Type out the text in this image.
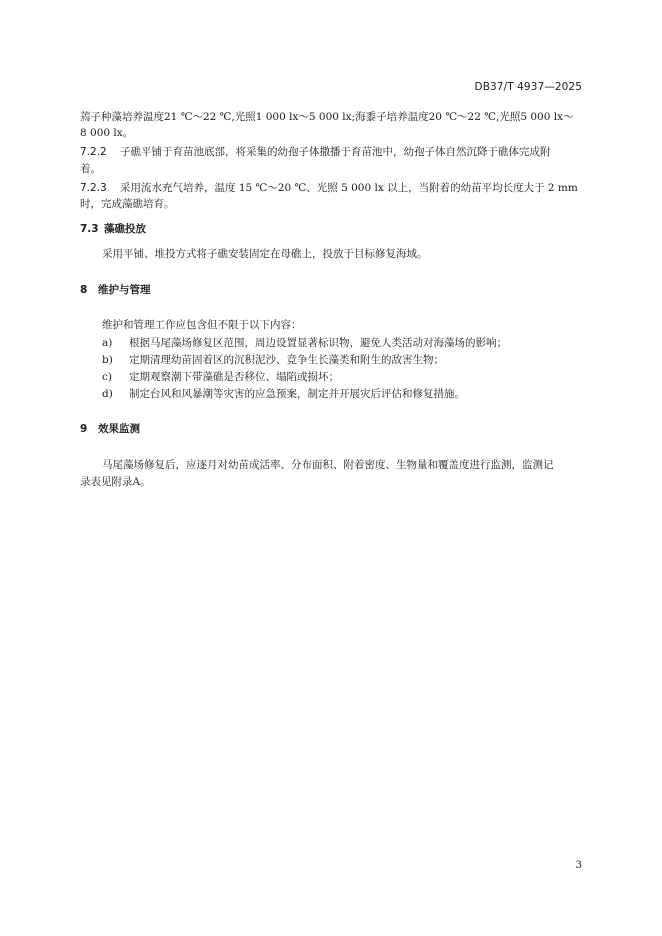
DB37/T 4937—2025
蔫子种藻培养温度21 ℃～22 ℃,光照1 000 lx～5 000 lx;海黍子培养温度20 ℃～22 ℃,光照5 000 lx～
8 000 lx。
7.2.2 子礁平铺于育苗池底部，将采集的幼孢子体撒播于育苗池中，幼孢子体自然沉降于礁体完成附
着。
7.2.3 采用流水充气培养，温度 15 ℃～20 ℃、光照 5 000 lx 以上，当附着的幼苗平均长度大于 2 mm
时，完成藻礁培育。
7.3 藻礁投放
采用平铺、堆投方式将子礁安装固定在母礁上，投放于目标修复海域。
8 维护与管理
维护和管理工作应包含但不限于以下内容：
a) 根据马尾藻场修复区范围，周边设置显著标识物，避免人类活动对海藻场的影响；
b) 定期清理幼苗固着区的沉积泥沙、竞争生长藻类和附生的敌害生物；
c) 定期观察潮下带藻礁是否移位、塌陷或损坏；
d) 制定台风和风暴潮等灾害的应急预案，制定并开展灾后评估和修复措施。
9 效果监测
马尾藻场修复后，应逐月对幼苗成活率、分布面积、附着密度、生物量和覆盖度进行监测，监测记
录表见附录A。
3
